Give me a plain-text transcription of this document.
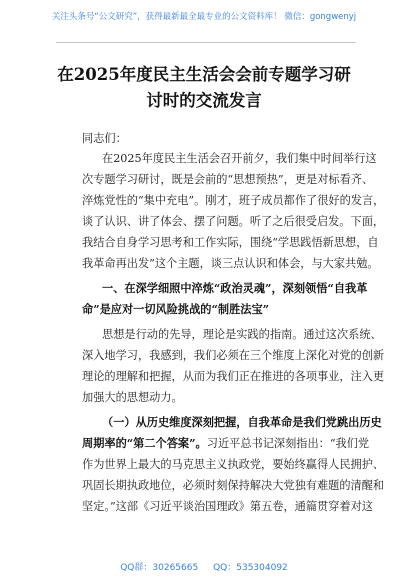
关注头条号“公文研究”，获得最新最全最专业的公文资料库！ 微信：gongwenyj
在2025年度民主生活会会前专题学习研
讨时的交流发言
同志们：
在2025年度民主生活会召开前夕，我们集中时间举行这
次专题学习研讨，既是会前的“思想预热”，更是对标看齐、
淬炼党性的“集中充电”。刚才，班子成员都作了很好的发言，
谈了认识、讲了体会、摆了问题。听了之后很受启发。下面，
我结合自身学习思考和工作实际，围绕“学思践悟新思想，自
我革命再出发”这个主题，谈三点认识和体会，与大家共勉。
一、在深学细照中淬炼“政治灵魂”，深刻领悟“自我革
命”是应对一切风险挑战的“制胜法宝”
思想是行动的先导，理论是实践的指南。通过这次系统、
深入地学习，我感到，我们必须在三个维度上深化对党的创新
理论的理解和把握，从而为我们正在推进的各项事业，注入更
加强大的思想动力。
（一）从历史维度深刻把握，自我革命是我们党跳出历史
周期率的“第二个答案”。习近平总书记深刻指出：“我们党
作为世界上最大的马克思主义执政党，要始终赢得人民拥护、
巩固长期执政地位，必须时刻保持解决大党独有难题的清醒和
坚定。”这部《习近平谈治国理政》第五卷，通篇贯穿着对这
QQ群：30265665 QQ：535304092
